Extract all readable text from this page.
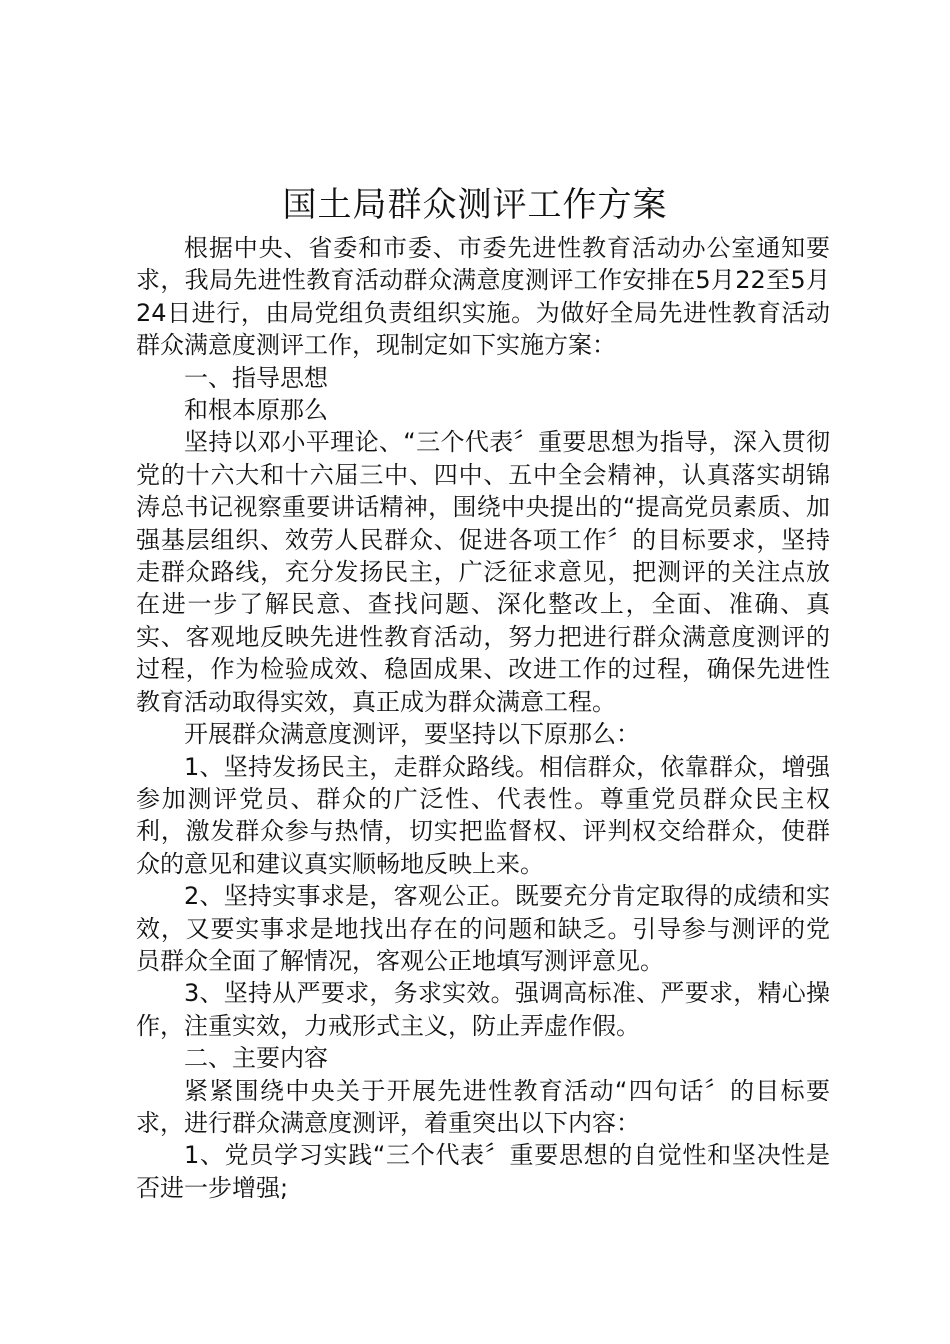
国土局群众测评工作方案

根据中央、省委和市委、市委先进性教育活动办公室通知要求，我局先进性教育活动群众满意度测评工作安排在5月22至5月24日进行，由局党组负责组织实施。为做好全局先进性教育活动群众满意度测评工作，现制定如下实施方案：

一、指导思想

和根本原那么

坚持以邓小平理论、“三个代表〞重要思想为指导，深入贯彻党的十六大和十六届三中、四中、五中全会精神，认真落实胡锦涛总书记视察重要讲话精神，围绕中央提出的“提高党员素质、加强基层组织、效劳人民群众、促进各项工作〞的目标要求，坚持走群众路线，充分发扬民主，广泛征求意见，把测评的关注点放在进一步了解民意、查找问题、深化整改上，全面、准确、真实、客观地反映先进性教育活动，努力把进行群众满意度测评的过程，作为检验成效、稳固成果、改进工作的过程，确保先进性教育活动取得实效，真正成为群众满意工程。

开展群众满意度测评，要坚持以下原那么：

1、坚持发扬民主，走群众路线。相信群众，依靠群众，增强参加测评党员、群众的广泛性、代表性。尊重党员群众民主权利，激发群众参与热情，切实把监督权、评判权交给群众，使群众的意见和建议真实顺畅地反映上来。

2、坚持实事求是，客观公正。既要充分肯定取得的成绩和实效，又要实事求是地找出存在的问题和缺乏。引导参与测评的党员群众全面了解情况，客观公正地填写测评意见。

3、坚持从严要求，务求实效。强调高标准、严要求，精心操作，注重实效，力戒形式主义，防止弄虚作假。

二、主要内容

紧紧围绕中央关于开展先进性教育活动“四句话〞的目标要求，进行群众满意度测评，着重突出以下内容：

1、党员学习实践“三个代表〞重要思想的自觉性和坚决性是否进一步增强;
